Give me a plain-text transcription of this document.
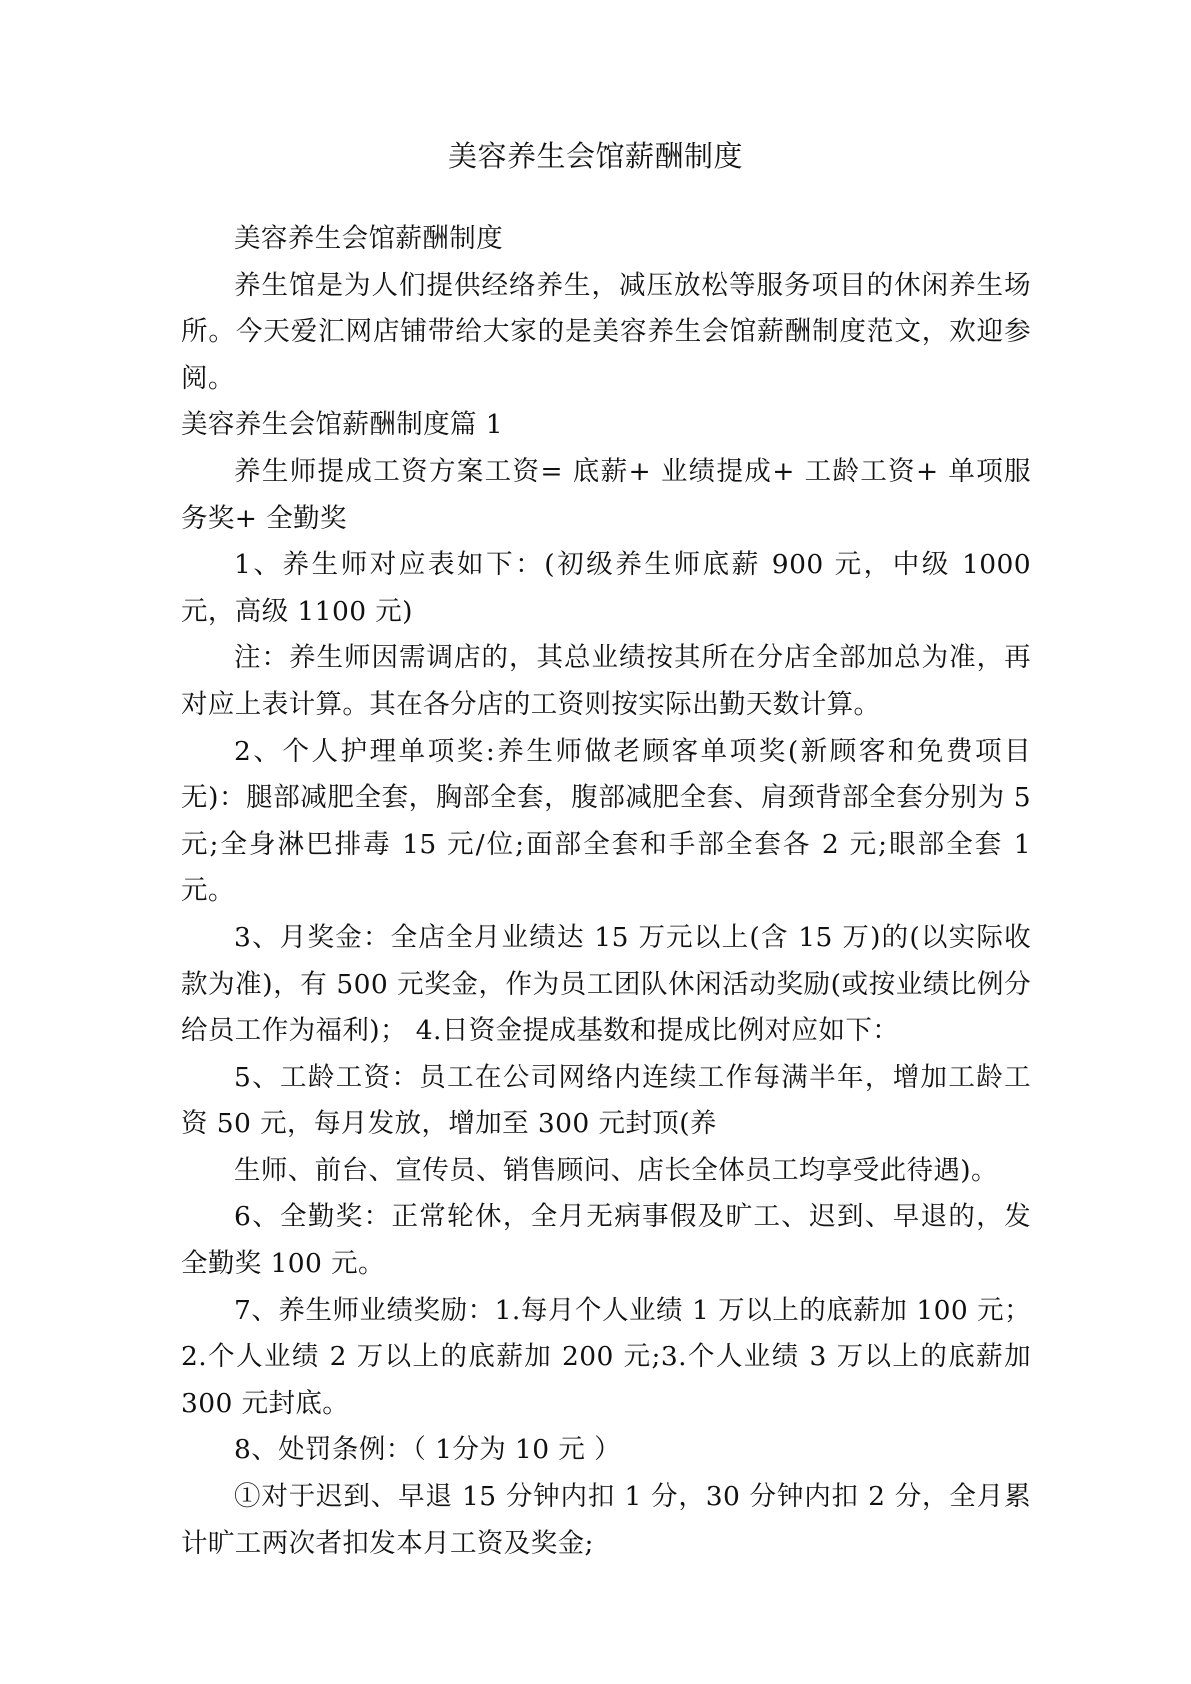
美容养生会馆薪酬制度

美容养生会馆薪酬制度

养生馆是为人们提供经络养生，减压放松等服务项目的休闲养生场所。今天爱汇网店铺带给大家的是美容养生会馆薪酬制度范文，欢迎参阅。

美容养生会馆薪酬制度篇 1

养生师提成工资方案工资= 底薪+ 业绩提成+ 工龄工资+ 单项服务奖+ 全勤奖

1、养生师对应表如下：(初级养生师底薪 900 元，中级 1000 元，高级 1100 元)

注：养生师因需调店的，其总业绩按其所在分店全部加总为准，再对应上表计算。其在各分店的工资则按实际出勤天数计算。

2、个人护理单项奖:养生师做老顾客单项奖(新顾客和免费项目无)：腿部减肥全套，胸部全套，腹部减肥全套、肩颈背部全套分别为 5 元;全身淋巴排毒 15 元/位;面部全套和手部全套各 2 元;眼部全套 1 元。

3、月奖金：全店全月业绩达 15 万元以上(含 15 万)的(以实际收款为准)，有 500 元奖金，作为员工团队休闲活动奖励(或按业绩比例分给员工作为福利)； 4.日资金提成基数和提成比例对应如下：

5、工龄工资：员工在公司网络内连续工作每满半年，增加工龄工资 50 元，每月发放，增加至 300 元封顶(养

生师、前台、宣传员、销售顾问、店长全体员工均享受此待遇)。

6、全勤奖：正常轮休，全月无病事假及旷工、迟到、早退的，发全勤奖 100 元。

7、养生师业绩奖励：1.每月个人业绩 1 万以上的底薪加 100 元；2.个人业绩 2 万以上的底薪加 200 元;3.个人业绩 3 万以上的底薪加 300 元封底。

8、处罚条例：（ 1分为 10 元 ）

①对于迟到、早退 15 分钟内扣 1 分，30 分钟内扣 2 分，全月累计旷工两次者扣发本月工资及奖金;
